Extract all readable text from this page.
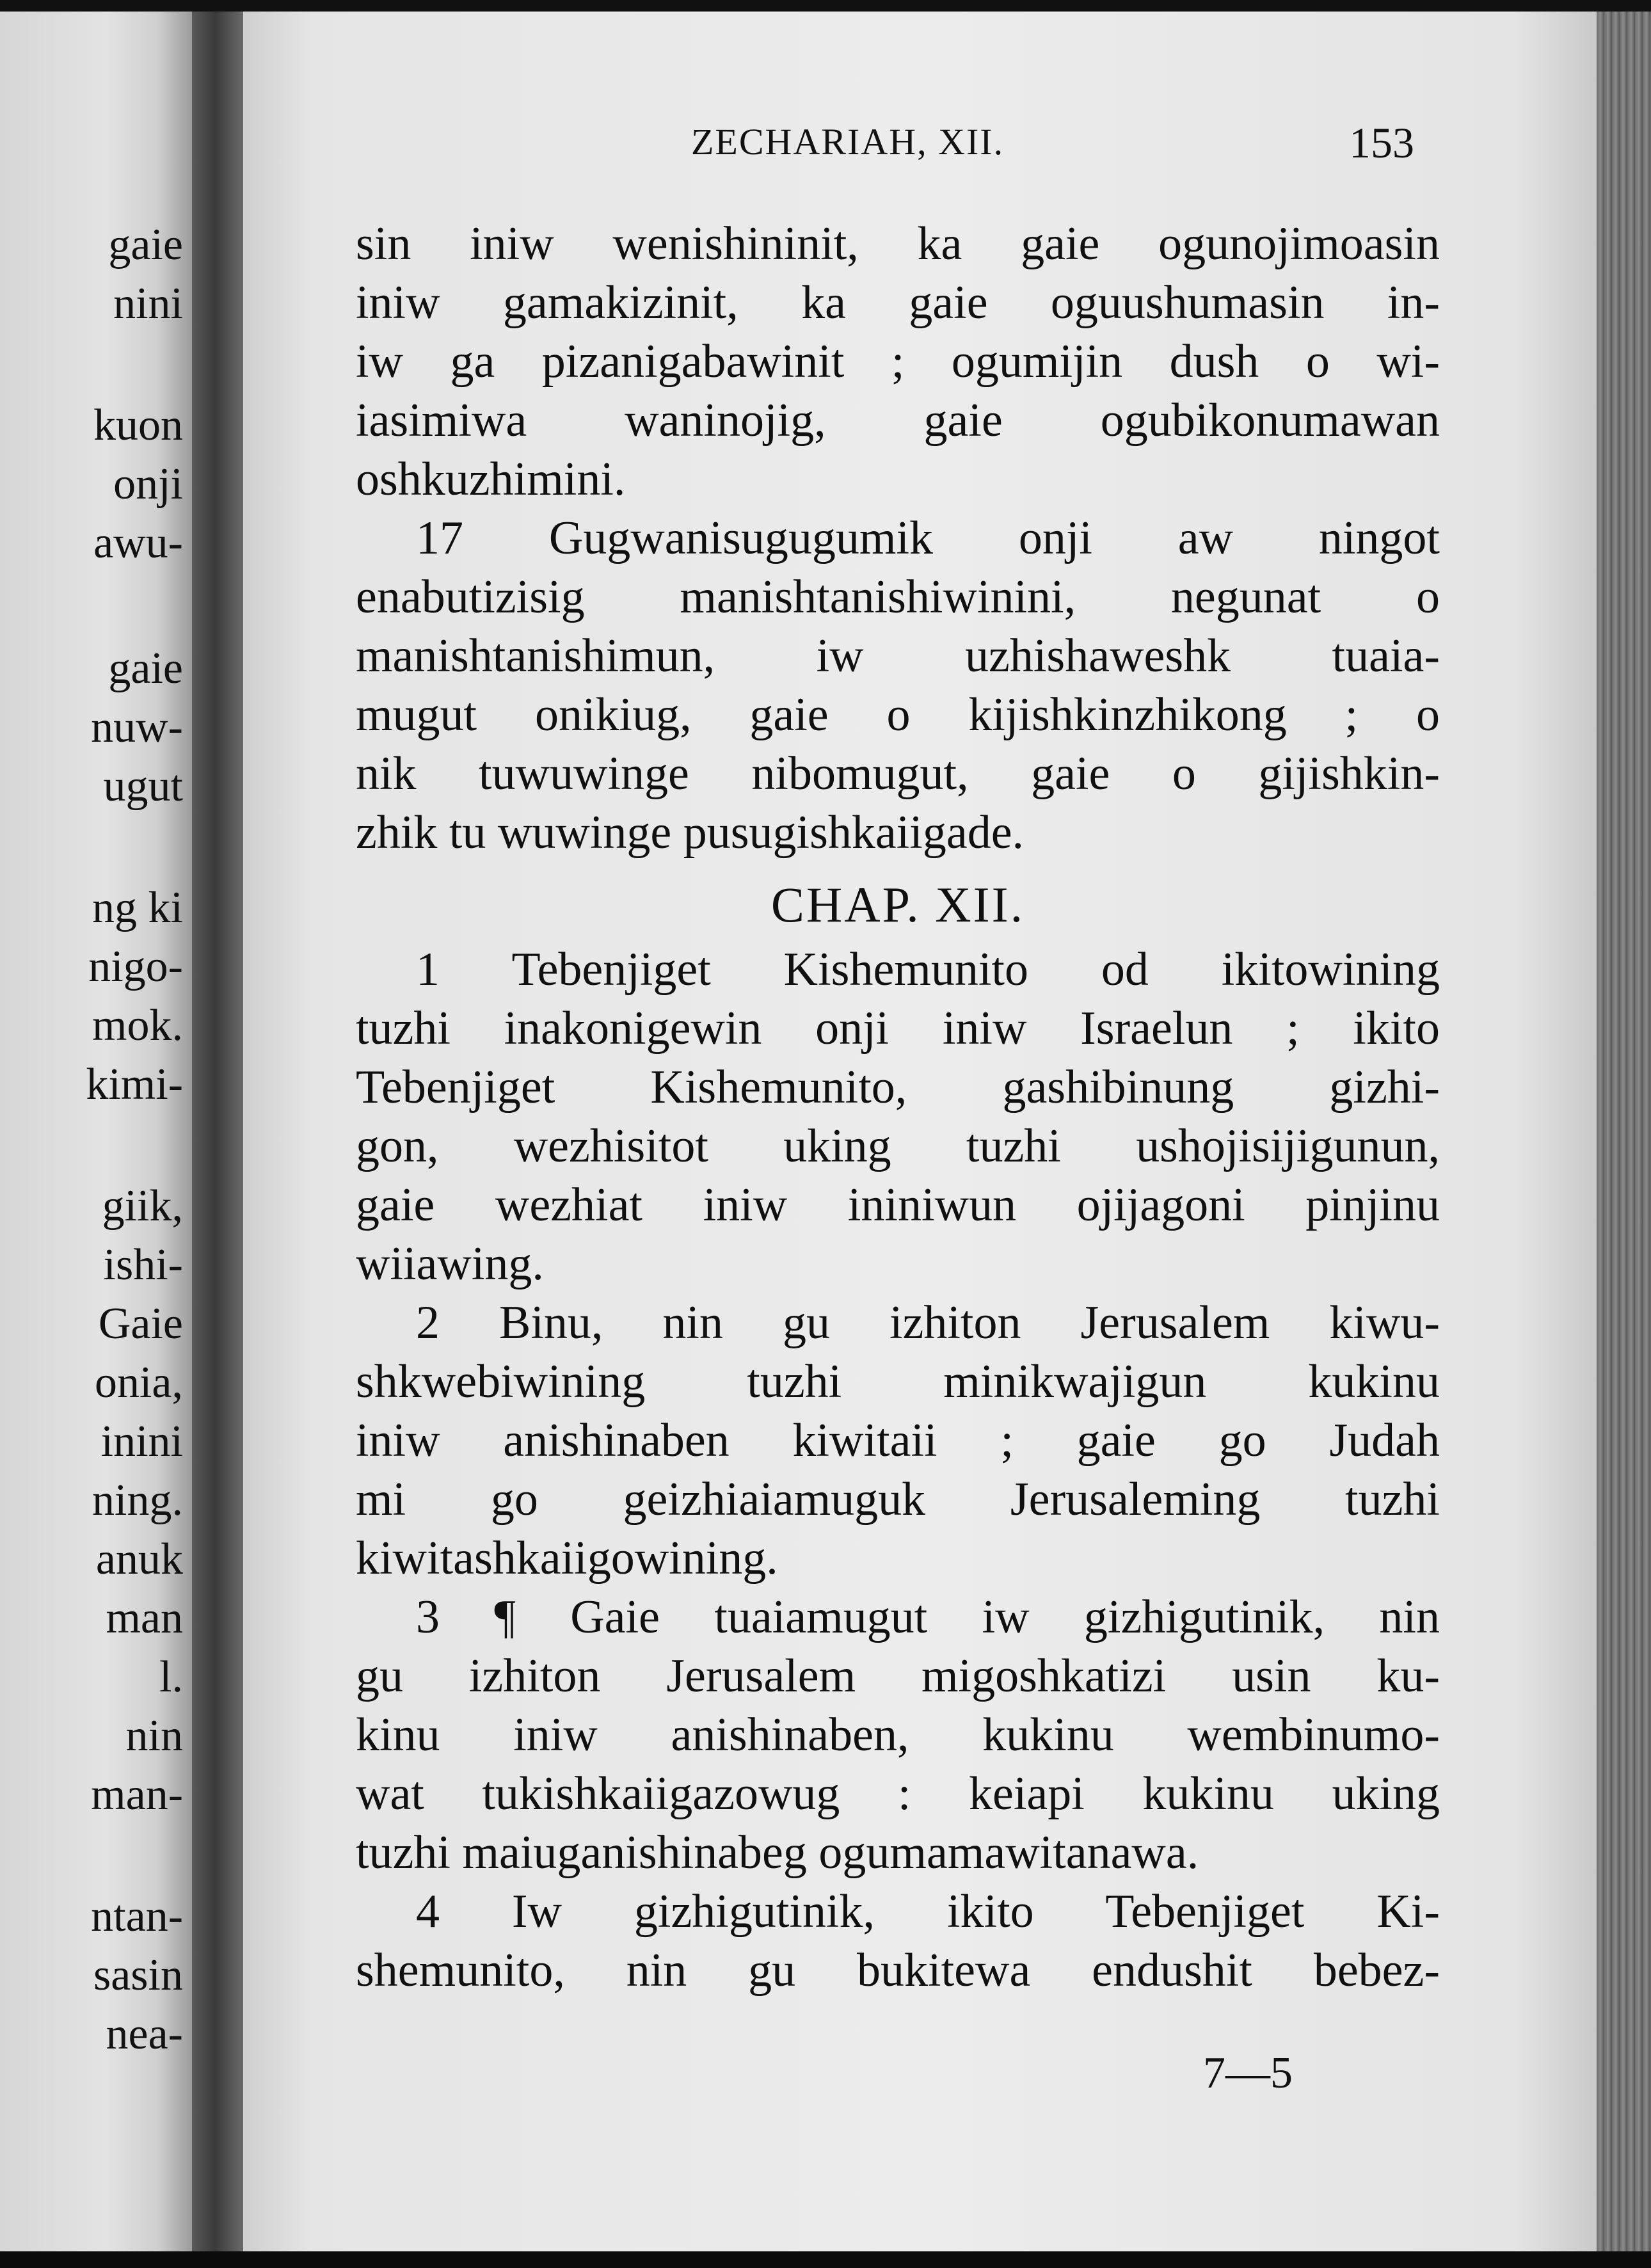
gaie
nini
kuon
onji
awu-
gaie
nuw-
ugut
ng ki
nigo-
mok.
kimi-
giik,
ishi-
Gaie
onia,
inini
ning.
anuk
man
l.
nin
man-
ntan-
sasin
nea-
ZECHARIAH, XII.	153
sin iniw wenishininit, ka gaie ogunojimoasin
iniw gamakizinit, ka gaie oguushumasin in-
iw ga pizanigabawinit ; ogumijin dush o wi-
iasimiwa waninojig, gaie ogubikonumawan
oshkuzhimini.
17 Gugwanisugugumik onji aw ningot
enabutizisig manishtanishiwinini, negunat o
manishtanishimun, iw uzhishaweshk tuaia-
mugut onikiug, gaie o kijishkinzhikong ; o
nik tuwuwinge nibomugut, gaie o gijishkin-
zhik tu wuwinge pusugishkaiigade.
CHAP. XII.
1 Tebenjiget Kishemunito od ikitowining
tuzhi inakonigewin onji iniw Israelun ; ikito
Tebenjiget Kishemunito, gashibinung gizhi-
gon, wezhisitot uking tuzhi ushojisijigunun,
gaie wezhiat iniw ininiwun ojijagoni pinjinu
wiiawing.
2 Binu, nin gu izhiton Jerusalem kiwu-
shkwebiwining tuzhi minikwajigun kukinu
iniw anishinaben kiwitaii ; gaie go Judah
mi go geizhiaiamuguk Jerusaleming tuzhi
kiwitashkaiigowining.
3 ¶ Gaie tuaiamugut iw gizhigutinik, nin
gu izhiton Jerusalem migoshkatizi usin ku-
kinu iniw anishinaben, kukinu wembinumo-
wat tukishkaiigazowug : keiapi kukinu uking
tuzhi maiuganishinabeg ogumamawitanawa.
4 Iw gizhigutinik, ikito Tebenjiget Ki-
shemunito, nin gu bukitewa endushit bebez-
7—5
